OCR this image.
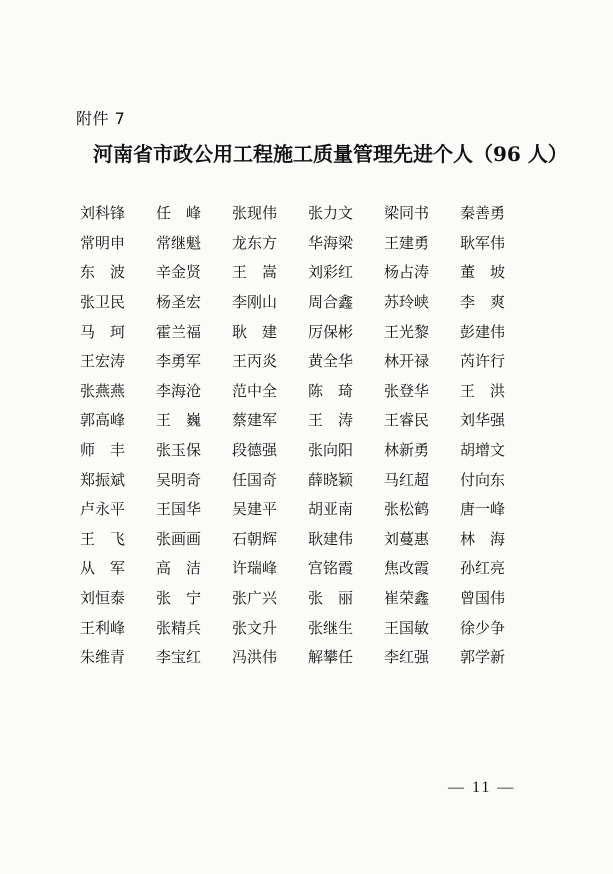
附件 7
河南省市政公用工程施工质量管理先进个人（96 人）
刘科锋	任　峰	张现伟	张力文	梁同书	秦善勇
常明申	常继魁	龙东方	华海梁	王建勇	耿军伟
东　波	辛金贤	王　嵩	刘彩红	杨占涛	董　坡
张卫民	杨圣宏	李刚山	周合鑫	苏玲峡	李　爽
马　珂	霍兰福	耿　建	厉保彬	王光黎	彭建伟
王宏涛	李勇军	王丙炎	黄全华	林开禄	芮许行
张燕燕	李海沧	范中全	陈　琦	张登华	王　洪
郭高峰	王　巍	蔡建军	王　涛	王睿民	刘华强
师　丰	张玉保	段德强	张向阳	林新勇	胡增文
郑振斌	吴明奇	任国奇	薛晓颖	马红超	付向东
卢永平	王国华	吴建平	胡亚南	张松鹤	唐一峰
王　飞	张画画	石朝辉	耿建伟	刘蔓惠	林　海
从　军	高　洁	许瑞峰	宫铭霞	焦改霞	孙红亮
刘恒泰	张　宁	张广兴	张　丽	崔荣鑫	曾国伟
王利峰	张精兵	张文升	张继生	王国敏	徐少争
朱维青	李宝红	冯洪伟	解攀任	李红强	郭学新
— 11 —
